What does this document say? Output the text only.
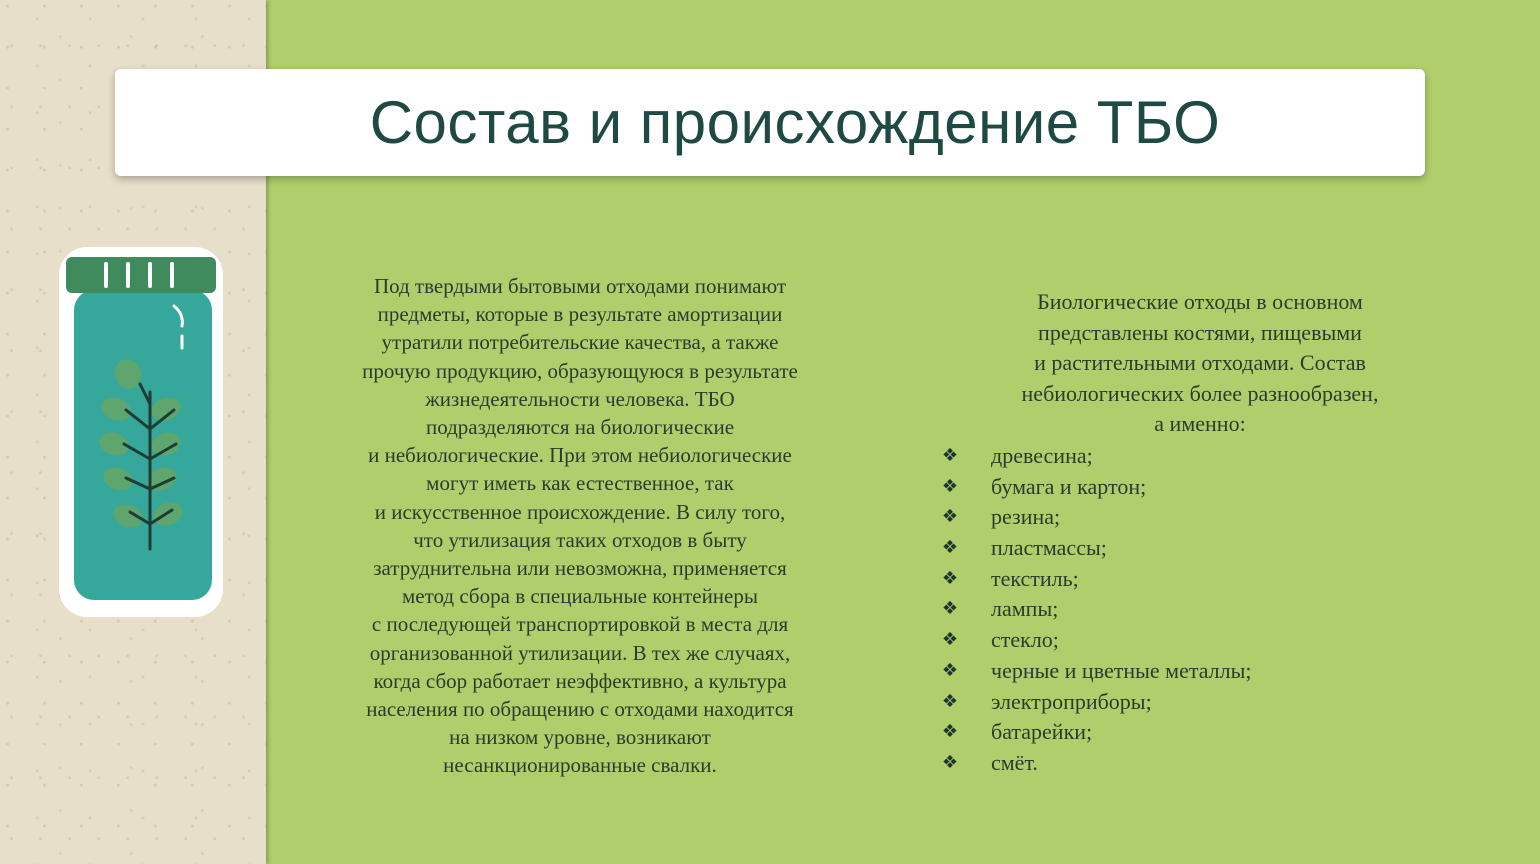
Состав и происхождение ТБО

Под твердыми бытовыми отходами понимают
предметы, которые в результате амортизации
утратили потребительские качества, а также
прочую продукцию, образующуюся в результате
жизнедеятельности человека. ТБО
подразделяются на биологические
и небиологические. При этом небиологические
могут иметь как естественное, так
и искусственное происхождение. В силу того,
что утилизация таких отходов в быту
затруднительна или невозможна, применяется
метод сбора в специальные контейнеры
с последующей транспортировкой в места для
организованной утилизации. В тех же случаях,
когда сбор работает неэффективно, а культура
населения по обращению с отходами находится
на низком уровне, возникают
несанкционированные свалки.

Биологические отходы в основном
представлены костями, пищевыми
и растительными отходами. Состав
небиологических более разнообразен,
а именно:

❖ древесина;
❖ бумага и картон;
❖ резина;
❖ пластмассы;
❖ текстиль;
❖ лампы;
❖ стекло;
❖ черные и цветные металлы;
❖ электроприборы;
❖ батарейки;
❖ смёт.
